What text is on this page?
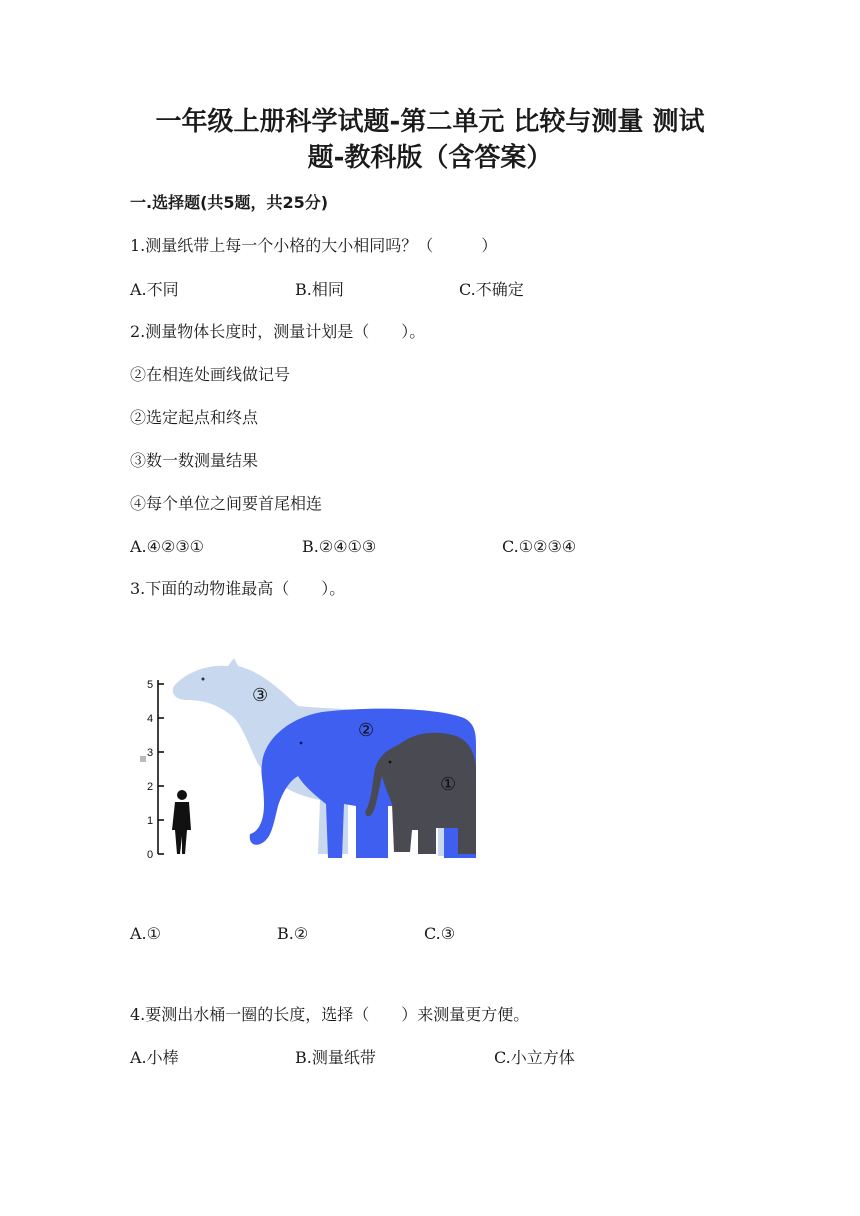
一年级上册科学试题-第二单元 比较与测量 测试
题-教科版（含答案）
一.选择题(共5题，共25分)
1.测量纸带上每一个小格的大小相同吗？（　　　）
A.不同	B.相同	C.不确定
2.测量物体长度时，测量计划是（　　）。
②在相连处画线做记号
②选定起点和终点
③数一数测量结果
④每个单位之间要首尾相连
A.④②③①	B.②④①③	C.①②③④
3.下面的动物谁最高（　　）。
0
1
2
3
4
5	③
②
①
A.①	B.②	C.③
4.要测出水桶一圈的长度，选择（　　）来测量更方便。
A.小棒	B.测量纸带	C.小立方体
